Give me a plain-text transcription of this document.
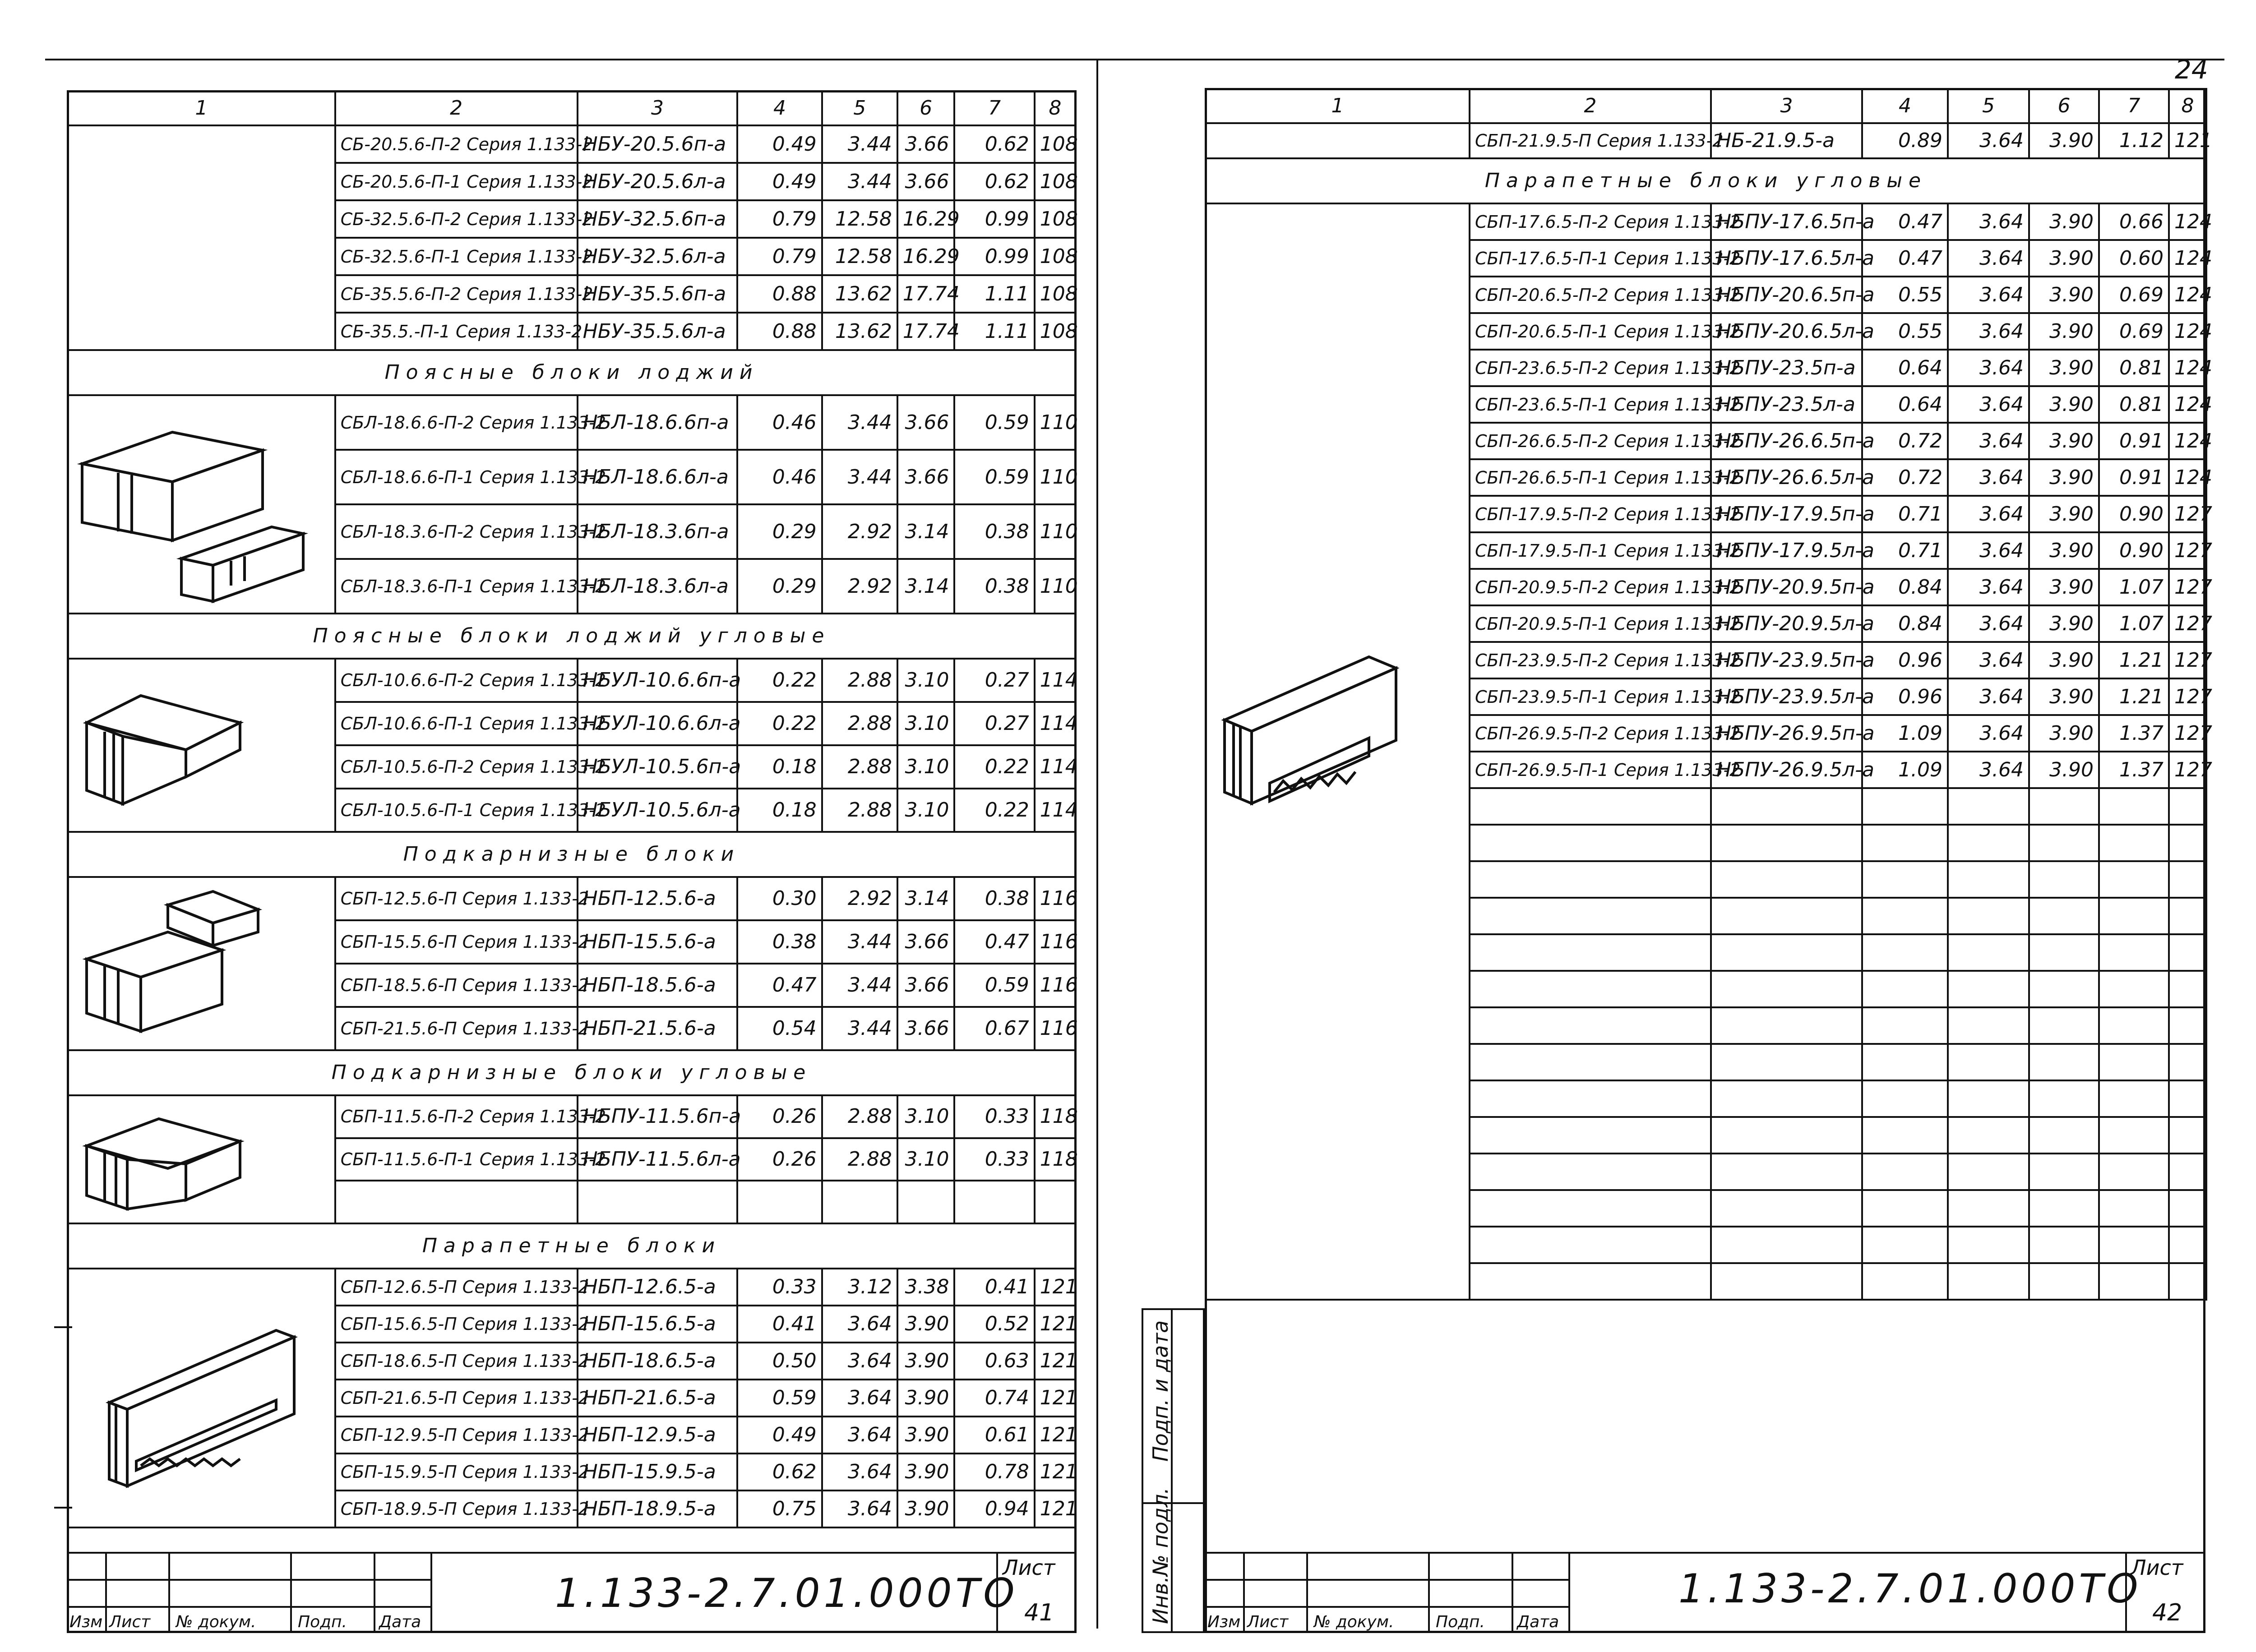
24
1	2	3	4	5	6	7	8
	СБ-20.5.6-П-2 Серия 1.133-2	НБУ-20.5.6п-а	0.49	3.44	3.66	0.62	108
	СБ-20.5.6-П-1 Серия 1.133-2	НБУ-20.5.6л-а	0.49	3.44	3.66	0.62	108
	СБ-32.5.6-П-2 Серия 1.133-2	НБУ-32.5.6п-а	0.79	12.58	16.29	0.99	108
	СБ-32.5.6-П-1 Серия 1.133-2	НБУ-32.5.6л-а	0.79	12.58	16.29	0.99	108
	СБ-35.5.6-П-2 Серия 1.133-2	НБУ-35.5.6п-а	0.88	13.62	17.74	1.11	108
	СБ-35.5.-П-1 Серия 1.133-2	НБУ-35.5.6л-а	0.88	13.62	17.74	1.11	108
Поясные блоки лоджий							

	СБЛ-18.6.6-П-2 Серия 1.133-2	НБЛ-18.6.6п-а	0.46	3.44	3.66	0.59	110
	СБЛ-18.6.6-П-1 Серия 1.133-2	НБЛ-18.6.6л-а	0.46	3.44	3.66	0.59	110
	СБЛ-18.3.6-П-2 Серия 1.133-2	НБЛ-18.3.6п-а	0.29	2.92	3.14	0.38	110
	СБЛ-18.3.6-П-1 Серия 1.133-2	НБЛ-18.3.6л-а	0.29	2.92	3.14	0.38	110
Поясные блоки лоджий угловые							

	СБЛ-10.6.6-П-2 Серия 1.133-2	НБУЛ-10.6.6п-а	0.22	2.88	3.10	0.27	114
	СБЛ-10.6.6-П-1 Серия 1.133-2	НБУЛ-10.6.6л-а	0.22	2.88	3.10	0.27	114
	СБЛ-10.5.6-П-2 Серия 1.133-2	НБУЛ-10.5.6п-а	0.18	2.88	3.10	0.22	114
	СБЛ-10.5.6-П-1 Серия 1.133-2	НБУЛ-10.5.6л-а	0.18	2.88	3.10	0.22	114
Подкарнизные блоки							

	СБП-12.5.6-П Серия 1.133-2	НБП-12.5.6-а	0.30	2.92	3.14	0.38	116
	СБП-15.5.6-П Серия 1.133-2	НБП-15.5.6-а	0.38	3.44	3.66	0.47	116
	СБП-18.5.6-П Серия 1.133-2	НБП-18.5.6-а	0.47	3.44	3.66	0.59	116
	СБП-21.5.6-П Серия 1.133-2	НБП-21.5.6-а	0.54	3.44	3.66	0.67	116
Подкарнизные блоки угловые							

	СБП-11.5.6-П-2 Серия 1.133-2	НБПУ-11.5.6п-а	0.26	2.88	3.10	0.33	118
	СБП-11.5.6-П-1 Серия 1.133-2	НБПУ-11.5.6л-а	0.26	2.88	3.10	0.33	118

Парапетные блоки							

	СБП-12.6.5-П Серия 1.133-2	НБП-12.6.5-а	0.33	3.12	3.38	0.41	121
	СБП-15.6.5-П Серия 1.133-2	НБП-15.6.5-а	0.41	3.64	3.90	0.52	121
	СБП-18.6.5-П Серия 1.133-2	НБП-18.6.5-а	0.50	3.64	3.90	0.63	121
	СБП-21.6.5-П Серия 1.133-2	НБП-21.6.5-а	0.59	3.64	3.90	0.74	121
	СБП-12.9.5-П Серия 1.133-2	НБП-12.9.5-а	0.49	3.64	3.90	0.61	121
	СБП-15.9.5-П Серия 1.133-2	НБП-15.9.5-а	0.62	3.64	3.90	0.78	121
	СБП-18.9.5-П Серия 1.133-2	НБП-18.9.5-а	0.75	3.64	3.90	0.94	121
1.133-2.7.01.000ТО
Лист
41
Изм Лист № докум.	Подп. Дата
1	2	3	4	5	6	7	8
	СБП-21.9.5-П Серия 1.133-2	НБ-21.9.5-а	0.89	3.64	3.90	1.12	121
Парапетные блоки угловые							

	СБП-17.6.5-П-2 Серия 1.133-2	НБПУ-17.6.5п-а	0.47	3.64	3.90	0.66	124
	СБП-17.6.5-П-1 Серия 1.133-2	НБПУ-17.6.5л-а	0.47	3.64	3.90	0.60	124
	СБП-20.6.5-П-2 Серия 1.133-2	НБПУ-20.6.5п-а	0.55	3.64	3.90	0.69	124
	СБП-20.6.5-П-1 Серия 1.133-2	НБПУ-20.6.5л-а	0.55	3.64	3.90	0.69	124
	СБП-23.6.5-П-2 Серия 1.133-2	НБПУ-23.5п-а	0.64	3.64	3.90	0.81	124
	СБП-23.6.5-П-1 Серия 1.133-2	НБПУ-23.5л-а	0.64	3.64	3.90	0.81	124
	СБП-26.6.5-П-2 Серия 1.133-2	НБПУ-26.6.5п-а	0.72	3.64	3.90	0.91	124
	СБП-26.6.5-П-1 Серия 1.133-2	НБПУ-26.6.5л-а	0.72	3.64	3.90	0.91	124
	СБП-17.9.5-П-2 Серия 1.133-2	НБПУ-17.9.5п-а	0.71	3.64	3.90	0.90	127
	СБП-17.9.5-П-1 Серия 1.133-2	НБПУ-17.9.5л-а	0.71	3.64	3.90	0.90	127
	СБП-20.9.5-П-2 Серия 1.133-2	НБПУ-20.9.5п-а	0.84	3.64	3.90	1.07	127
	СБП-20.9.5-П-1 Серия 1.133-2	НБПУ-20.9.5л-а	0.84	3.64	3.90	1.07	127
	СБП-23.9.5-П-2 Серия 1.133-2	НБПУ-23.9.5п-а	0.96	3.64	3.90	1.21	127
	СБП-23.9.5-П-1 Серия 1.133-2	НБПУ-23.9.5л-а	0.96	3.64	3.90	1.21	127
	СБП-26.9.5-П-2 Серия 1.133-2	НБПУ-26.9.5п-а	1.09	3.64	3.90	1.37	127
	СБП-26.9.5-П-1 Серия 1.133-2	НБПУ-26.9.5л-а	1.09	3.64	3.90	1.37	127

Инв.№ подл.
Подп. и дата
1.133-2.7.01.000ТО
Лист
42
Изм Лист № докум.	Подп. Дата
